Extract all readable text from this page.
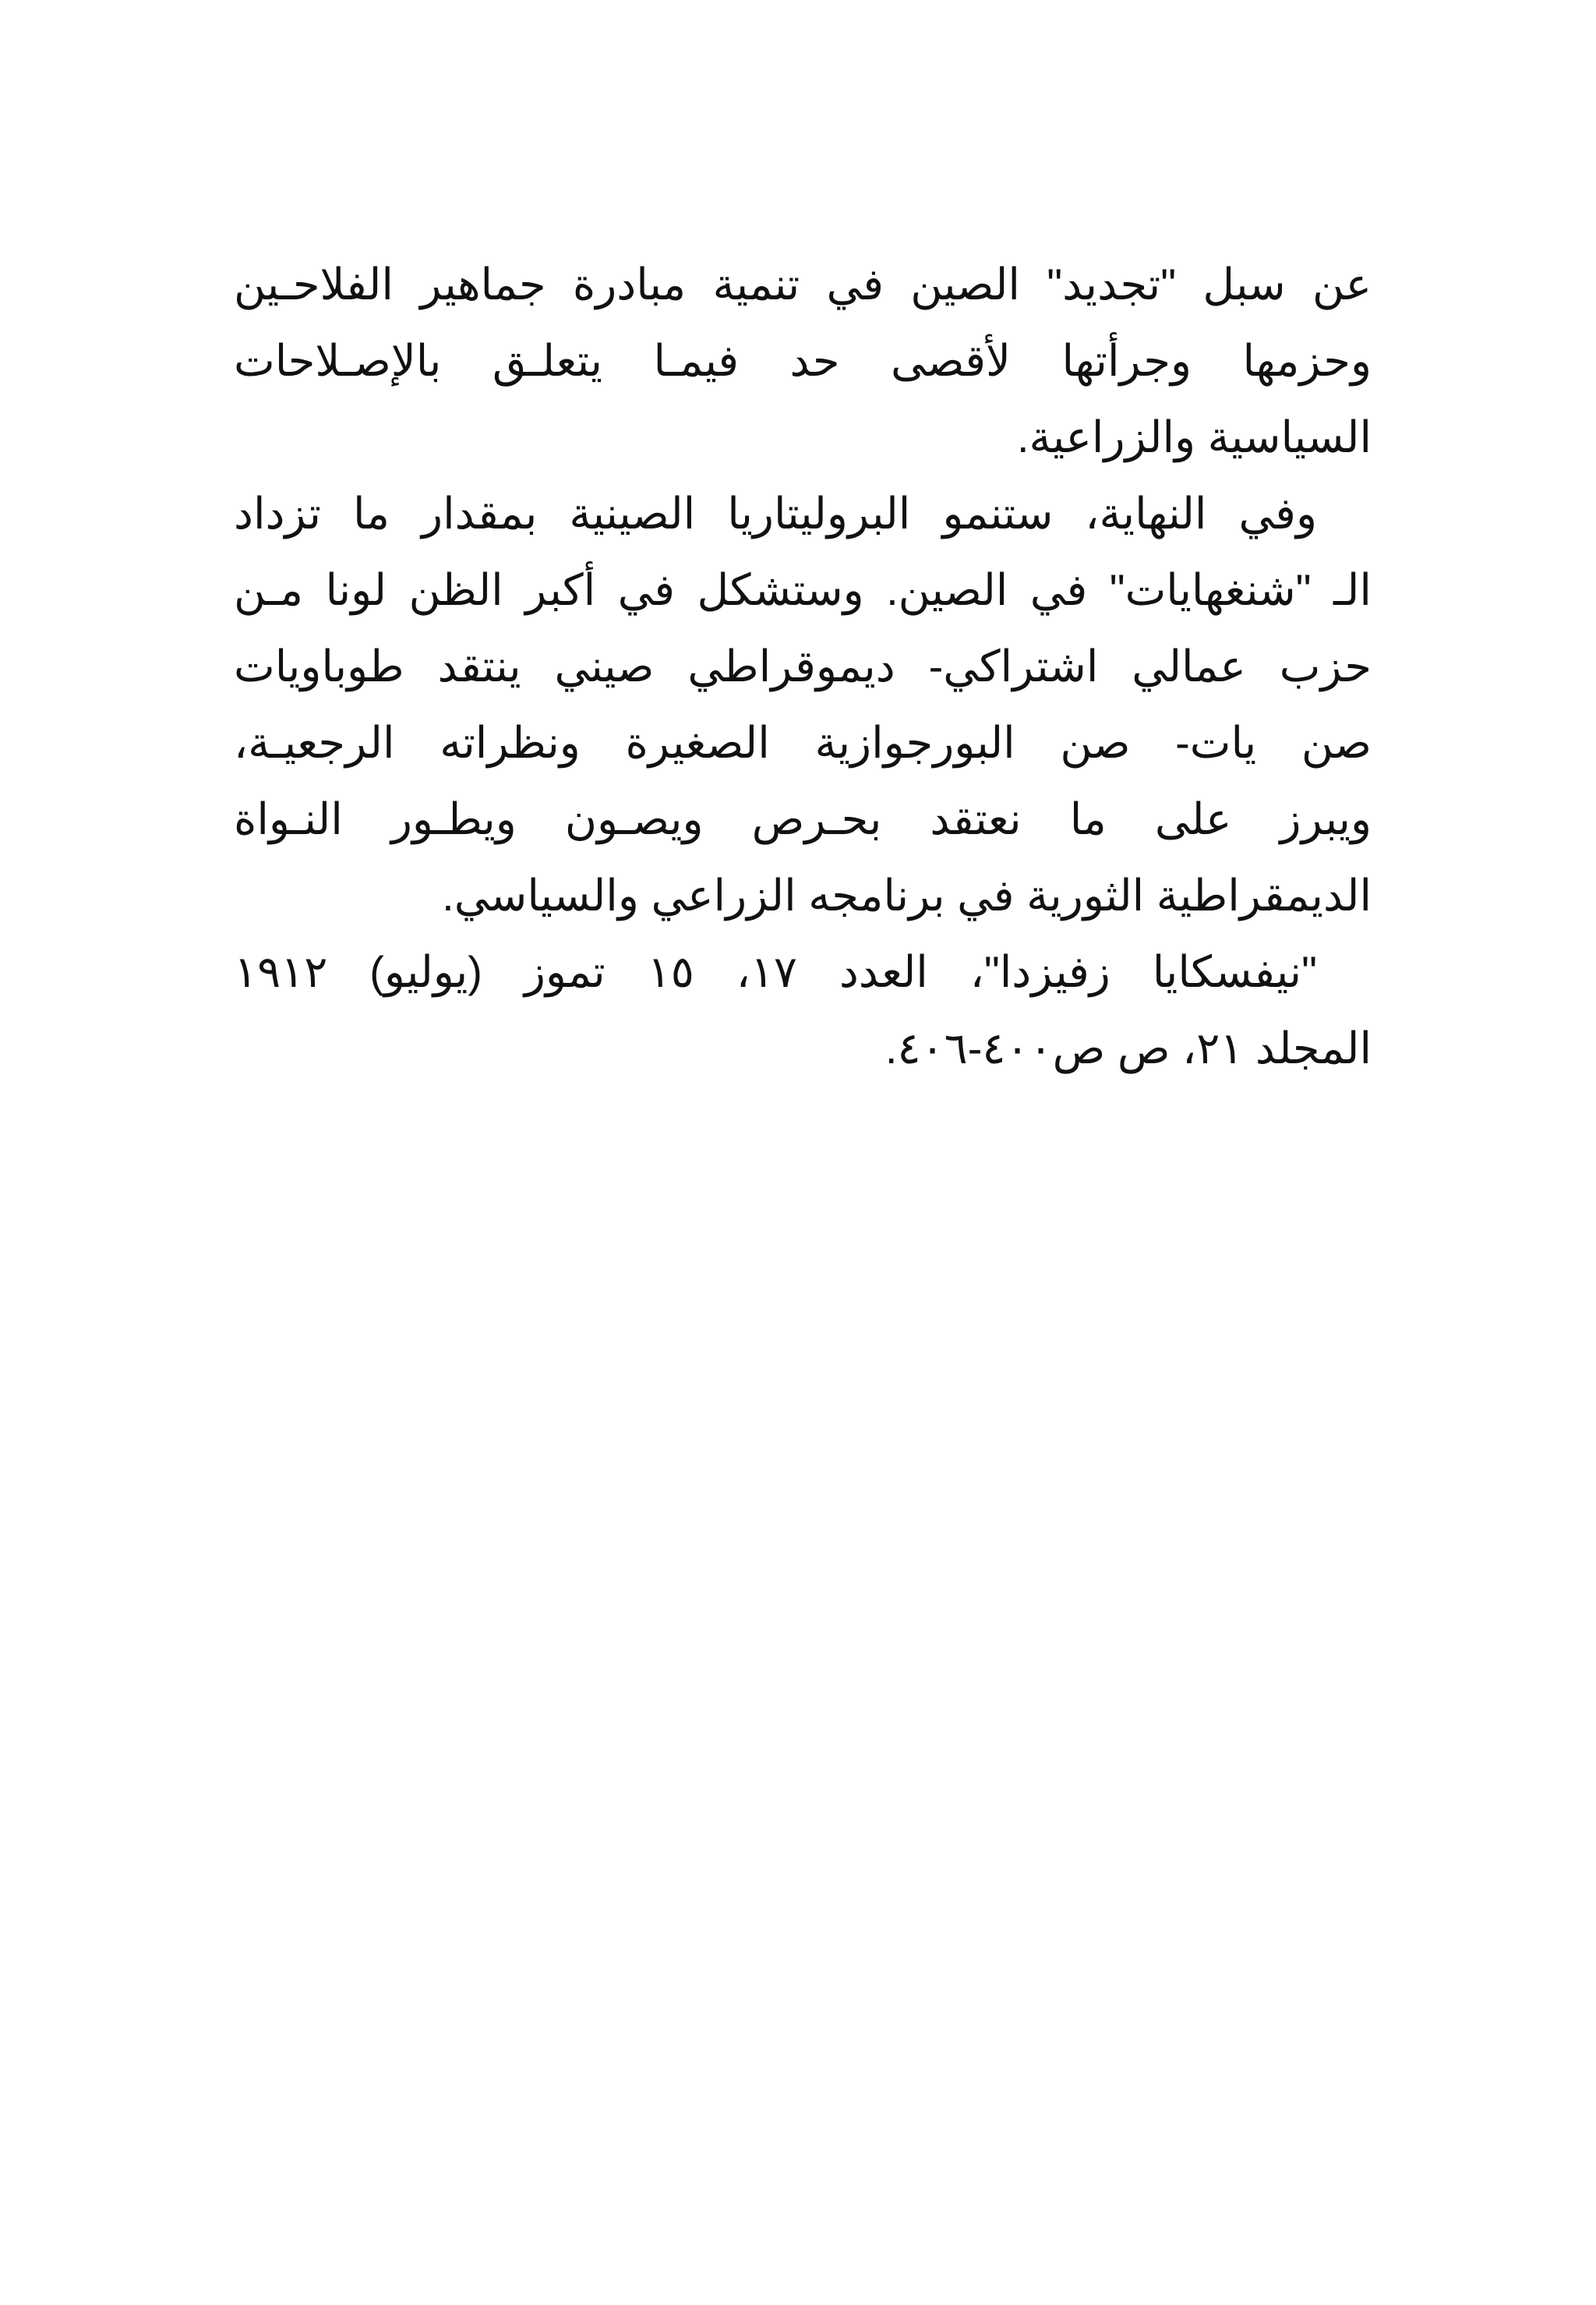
عن سبل "تجديد" الصين في تنمية مبادرة جماهير الفلاحـين
وحزمها وجرأتها لأقصى حد فيمـا يتعلـق بالإصـلاحات
السياسية والزراعية.
وفي النهاية، ستنمو البروليتاريا الصينية بمقدار ما تزداد
الـ "شنغهايات" في الصين. وستشكل في أكبر الظن لونا مـن
حزب عمالي اشتراكي- ديموقراطي صيني ينتقد طوباويات
صن يات- صن البورجوازية الصغيرة ونظراته الرجعيـة،
ويبرز على ما نعتقد بحـرص ويصـون ويطـور النـواة
الديمقراطية الثورية في برنامجه الزراعي والسياسي.
"نيفسكايا زفيزدا"، العدد ١٧، ١٥ تموز (يوليو) ١٩١٢
المجلد ٢١، ص ص٤٠٠-٤٠٦.
